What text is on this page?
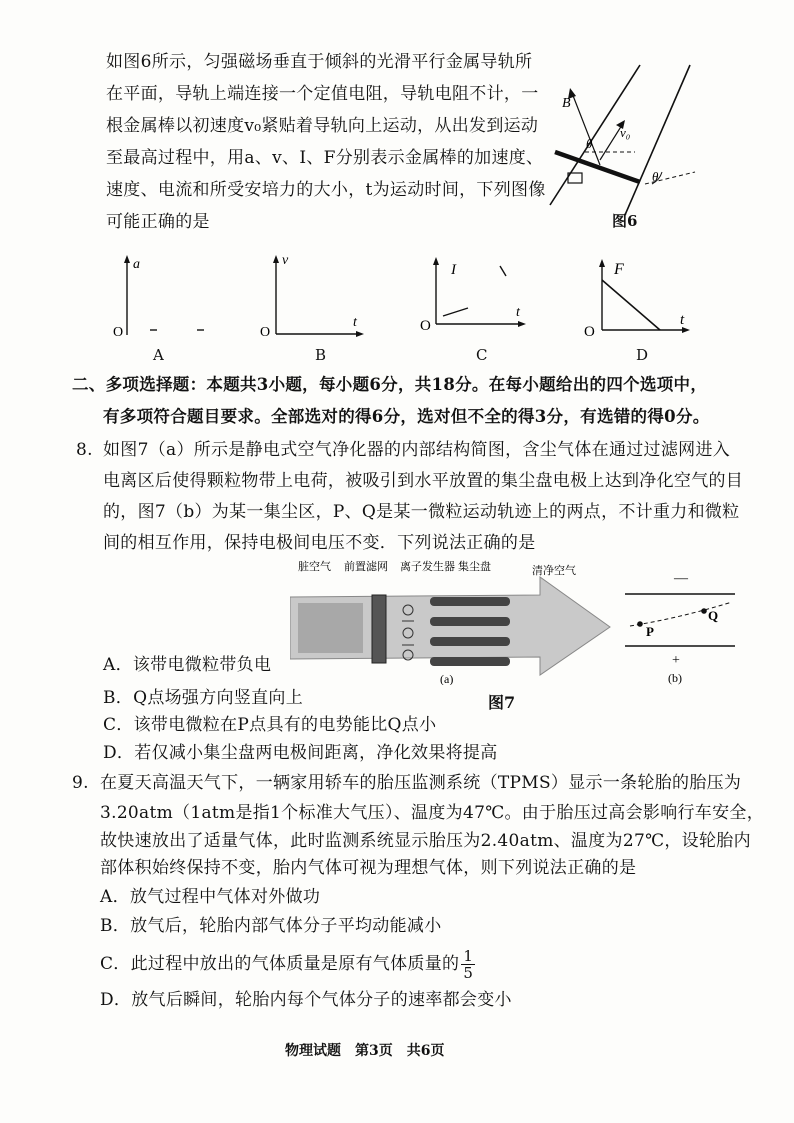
如图6所示，匀强磁场垂直于倾斜的光滑平行金属导轨所
在平面，导轨上端连接一个定值电阻，导轨电阻不计，一
根金属棒以初速度v₀紧贴着导轨向上运动，从出发到运动
至最高过程中，用a、v、I、F分别表示金属棒的加速度、
速度、电流和所受安培力的大小，t为运动时间，下列图像
可能正确的是
θ
B
v₀
θ
图6
a
O
A
v
t
O
B
I
t
O
C
F
t
O
D
二、多项选择题：本题共3小题，每小题6分，共18分。在每小题给出的四个选项中，
有多项符合题目要求。全部选对的得6分，选对但不全的得3分，有选错的得0分。
8. 如图7（a）所示是静电式空气净化器的内部结构简图，含尘气体在通过过滤网进入
电离区后使得颗粒物带上电荷，被吸引到水平放置的集尘盘电极上达到净化空气的目
的，图7（b）为某一集尘区，P、Q是某一微粒运动轨迹上的两点，不计重力和微粒
间的相互作用，保持电极间电压不变．下列说法正确的是
脏空气 前置滤网 离子发生器 集尘盘	清净空气
(a)
图7
—
P
Q
+
(b)
A．该带电微粒带负电
B．Q点场强方向竖直向上
C．该带电微粒在P点具有的电势能比Q点小
D．若仅减小集尘盘两电极间距离，净化效果将提高
9. 在夏天高温天气下，一辆家用轿车的胎压监测系统（TPMS）显示一条轮胎的胎压为
3.20atm（1atm是指1个标准大气压）、温度为47℃。由于胎压过高会影响行车安全，
故快速放出了适量气体，此时监测系统显示胎压为2.40atm、温度为27℃，设轮胎内
部体积始终保持不变，胎内气体可视为理想气体，则下列说法正确的是
A．放气过程中气体对外做功
B．放气后，轮胎内部气体分子平均动能减小
C．此过程中放出的气体质量是原有气体质量的 $\frac{1}{5}$
D．放气后瞬间，轮胎内每个气体分子的速率都会变小
物理试题　第3页　共6页
